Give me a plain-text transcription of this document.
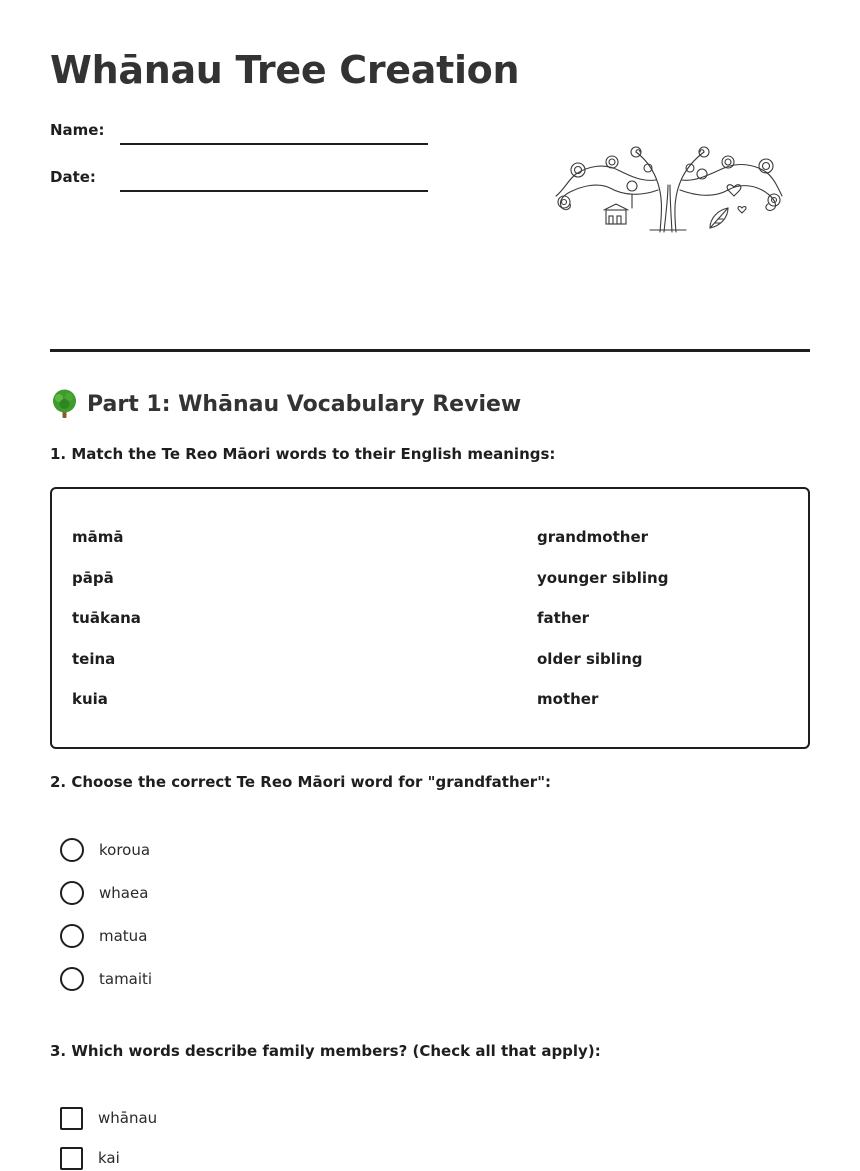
Whānau Tree Creation
Name:
Date:
Part 1: Whānau Vocabulary Review
1. Match the Te Reo Māori words to their English meanings:
māmā
pāpā
tuākana
teina
kuia
grandmother
younger sibling
father
older sibling
mother
2. Choose the correct Te Reo Māori word for "grandfather":
koroua
whaea
matua
tamaiti
3. Which words describe family members? (Check all that apply):
whānau
kai
